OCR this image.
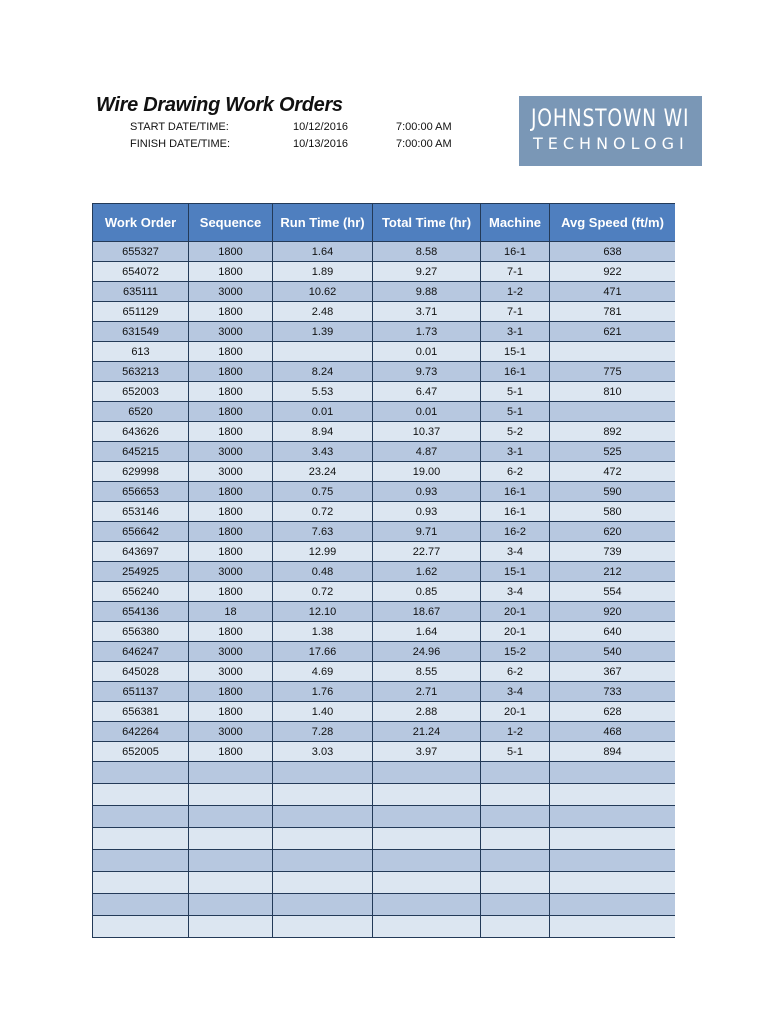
Wire Drawing Work Orders
START DATE/TIME:	10/12/2016	7:00:00 AM
FINISH DATE/TIME:	10/13/2016	7:00:00 AM
JOHNSTOWN WI
TECHNOLOGI
Work Order	Sequence	Run Time (hr)	Total Time (hr)	Machine	Avg Speed (ft/m)
655327	1800	1.64	8.58	16-1	638
654072	1800	1.89	9.27	7-1	922
635111	3000	10.62	9.88	1-2	471
651129	1800	2.48	3.71	7-1	781
631549	3000	1.39	1.73	3-1	621
613	1800		0.01	15-1	
563213	1800	8.24	9.73	16-1	775
652003	1800	5.53	6.47	5-1	810
6520	1800	0.01	0.01	5-1	
643626	1800	8.94	10.37	5-2	892
645215	3000	3.43	4.87	3-1	525
629998	3000	23.24	19.00	6-2	472
656653	1800	0.75	0.93	16-1	590
653146	1800	0.72	0.93	16-1	580
656642	1800	7.63	9.71	16-2	620
643697	1800	12.99	22.77	3-4	739
254925	3000	0.48	1.62	15-1	212
656240	1800	0.72	0.85	3-4	554
654136	18	12.10	18.67	20-1	920
656380	1800	1.38	1.64	20-1	640
646247	3000	17.66	24.96	15-2	540
645028	3000	4.69	8.55	6-2	367
651137	1800	1.76	2.71	3-4	733
656381	1800	1.40	2.88	20-1	628
642264	3000	7.28	21.24	1-2	468
652005	1800	3.03	3.97	5-1	894
